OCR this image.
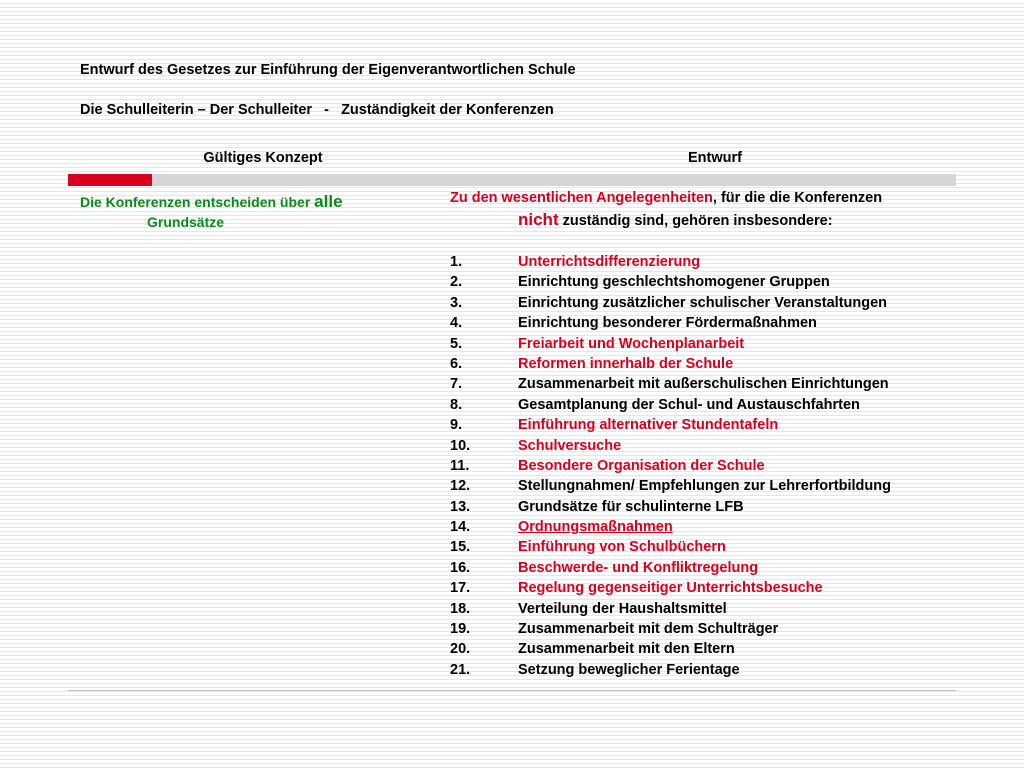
Entwurf des Gesetzes zur Einführung der Eigenverantwortlichen Schule
Die Schulleiterin – Der Schulleiter   -   Zuständigkeit der Konferenzen
Gültiges Konzept	Entwurf
Die Konferenzen entscheiden über alle
Grundsätze

Zu den wesentlichen Angelegenheiten, für die die Konferenzen
nicht zuständig sind, gehören insbesondere:

1.	Unterrichtsdifferenzierung
2.	Einrichtung geschlechtshomogener Gruppen
3.	Einrichtung zusätzlicher schulischer Veranstaltungen
4.	Einrichtung besonderer Fördermaßnahmen
5.	Freiarbeit und Wochenplanarbeit
6.	Reformen innerhalb der Schule
7.	Zusammenarbeit mit außerschulischen Einrichtungen
8.	Gesamtplanung der Schul- und Austauschfahrten
9.	Einführung alternativer Stundentafeln
10.	Schulversuche
11.	Besondere Organisation der Schule
12.	Stellungnahmen/ Empfehlungen zur Lehrerfortbildung
13.	Grundsätze für schulinterne LFB
14.	Ordnungsmaßnahmen
15.	Einführung von Schulbüchern
16.	Beschwerde- und Konfliktregelung
17.	Regelung gegenseitiger Unterrichtsbesuche
18.	Verteilung der Haushaltsmittel
19.	Zusammenarbeit mit dem Schulträger
20.	Zusammenarbeit mit den Eltern
21.	Setzung beweglicher Ferientage
